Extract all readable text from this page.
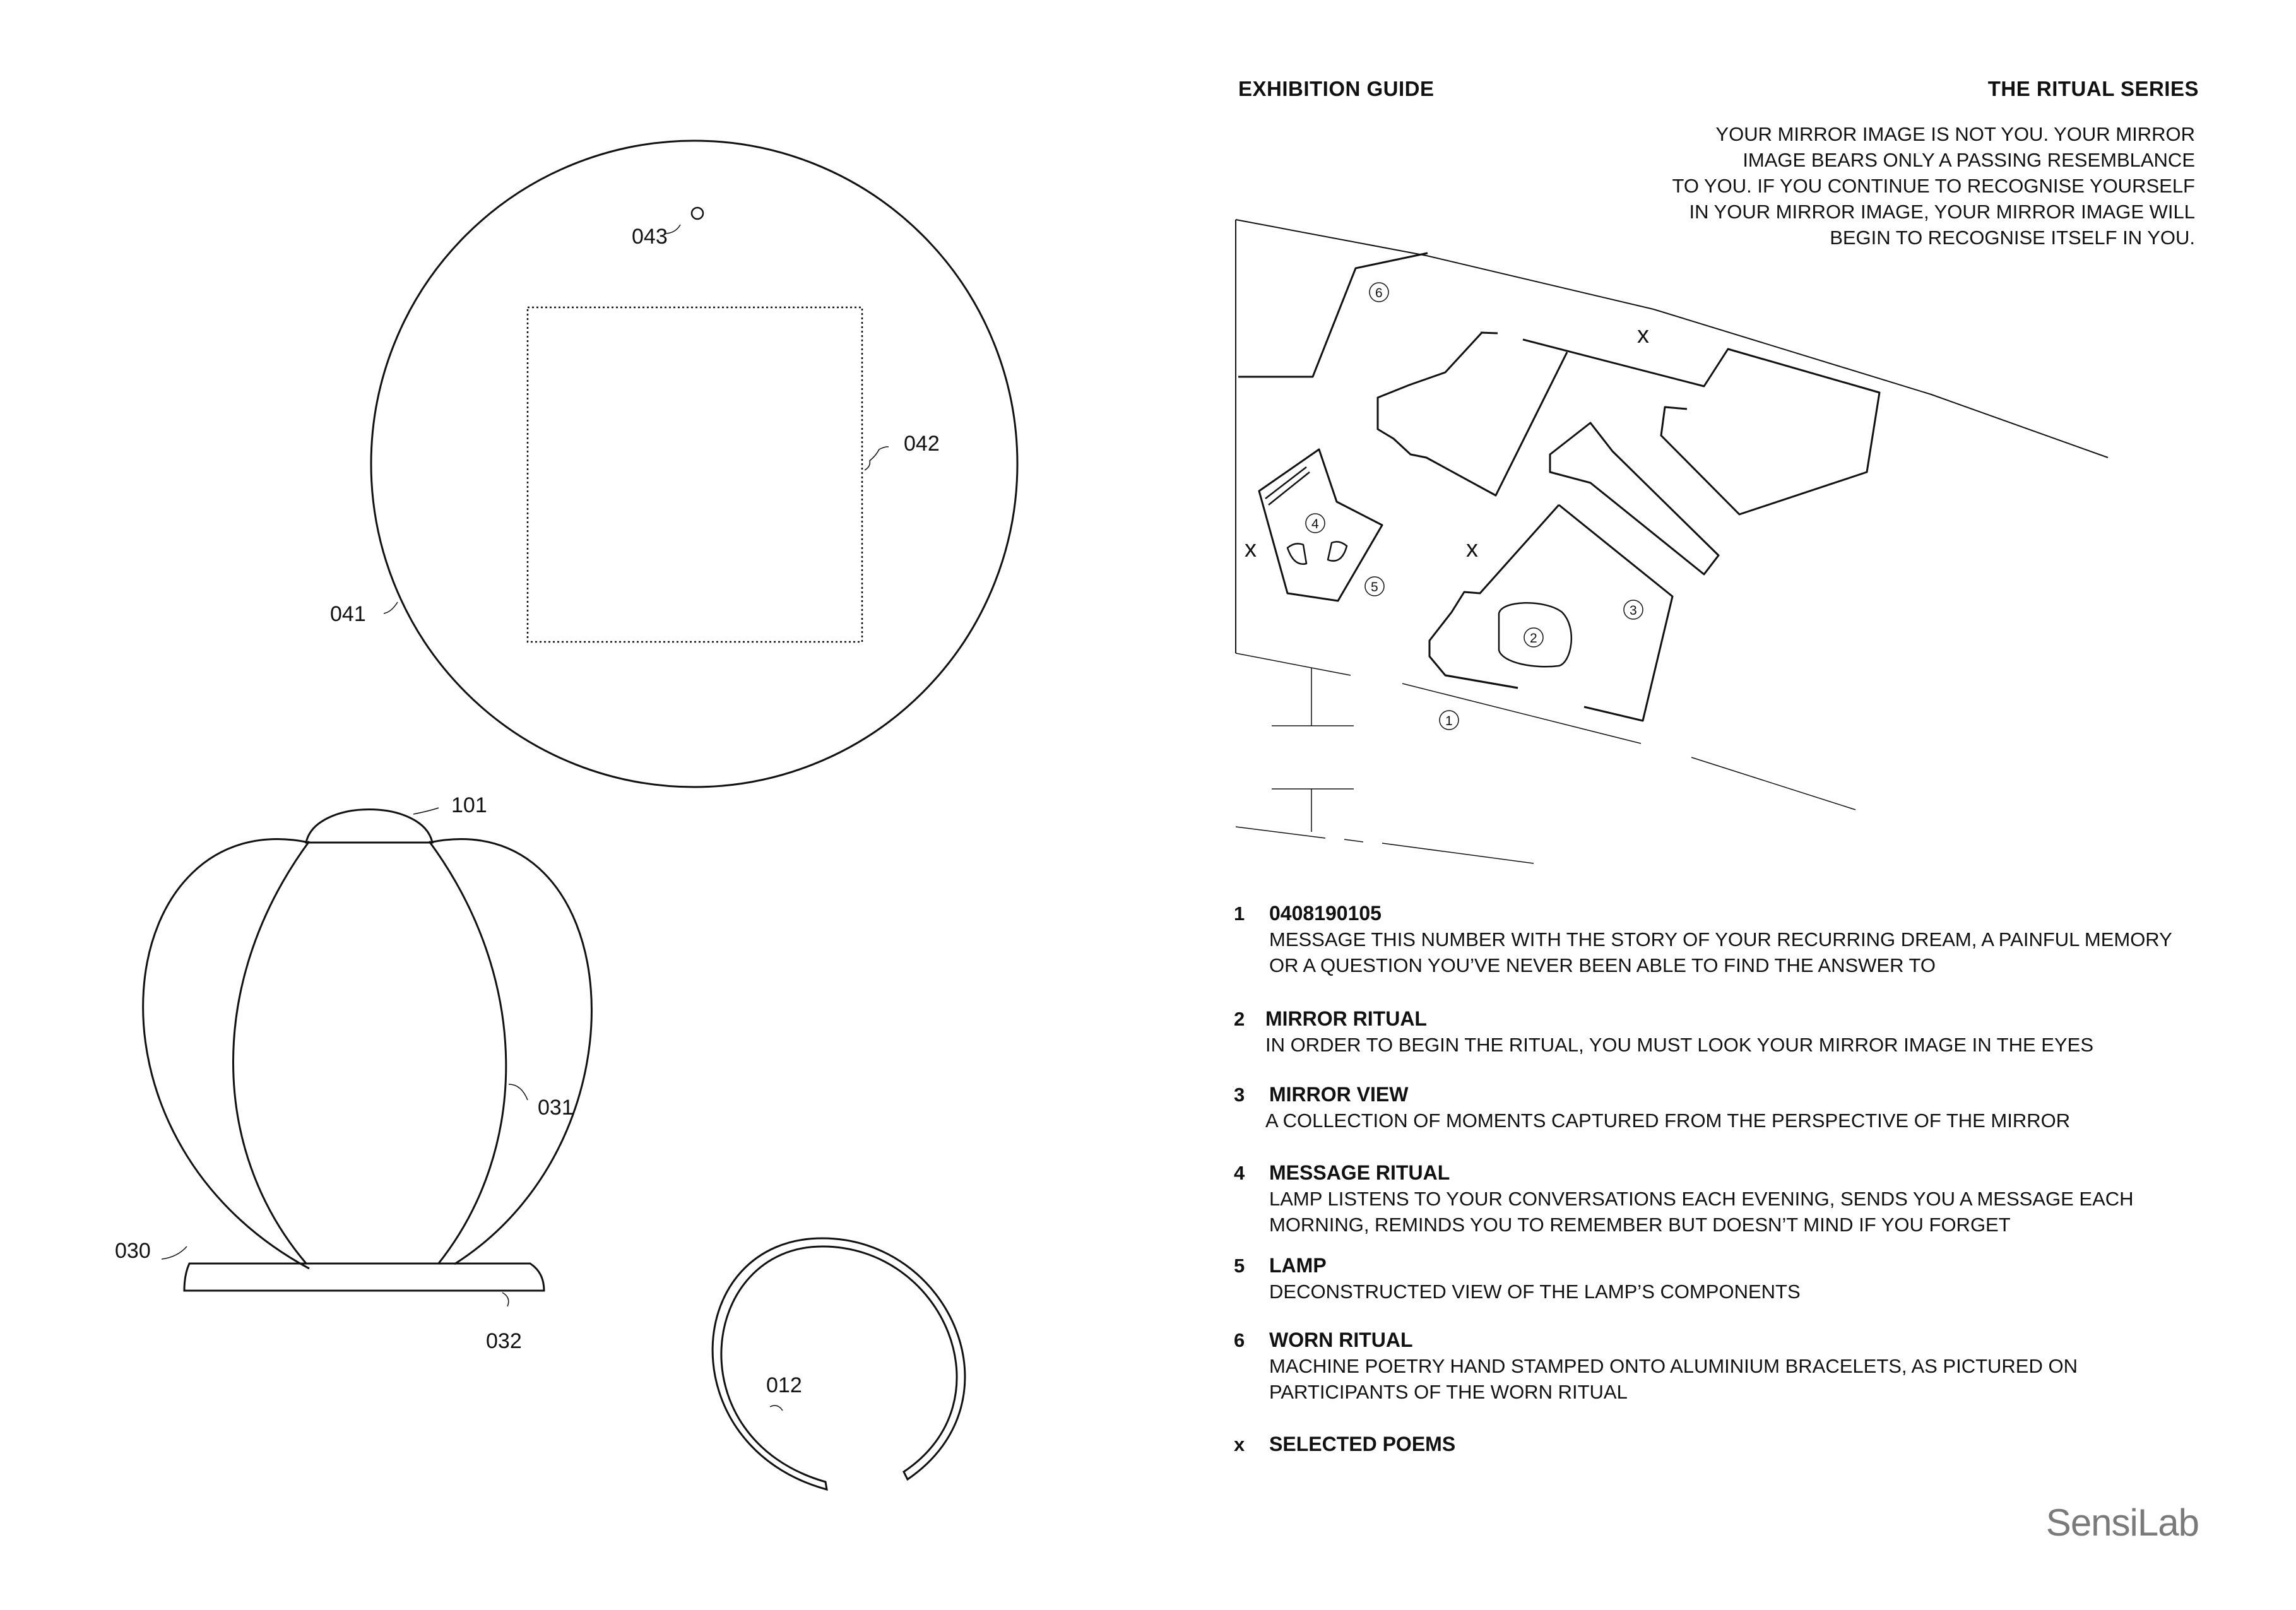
043
042
041
101
031
030
032
012
1
2
3
4
5
6
x
x	x
EXHIBITION GUIDE	THE RITUAL SERIES
YOUR MIRROR IMAGE IS NOT YOU. YOUR MIRROR
IMAGE BEARS ONLY A PASSING RESEMBLANCE
TO YOU. IF YOU CONTINUE TO RECOGNISE YOURSELF
IN YOUR MIRROR IMAGE, YOUR MIRROR IMAGE WILL
BEGIN TO RECOGNISE ITSELF IN YOU.
1 0408190105
MESSAGE THIS NUMBER WITH THE STORY OF YOUR RECURRING DREAM, A PAINFUL MEMORY
OR A QUESTION YOU’VE NEVER BEEN ABLE TO FIND THE ANSWER TO
2 MIRROR RITUAL
IN ORDER TO BEGIN THE RITUAL, YOU MUST LOOK YOUR MIRROR IMAGE IN THE EYES
3 MIRROR VIEW
A COLLECTION OF MOMENTS CAPTURED FROM THE PERSPECTIVE OF THE MIRROR
4 MESSAGE RITUAL
LAMP LISTENS TO YOUR CONVERSATIONS EACH EVENING, SENDS YOU A MESSAGE EACH
MORNING, REMINDS YOU TO REMEMBER BUT DOESN’T MIND IF YOU FORGET
5 LAMP
DECONSTRUCTED VIEW OF THE LAMP’S COMPONENTS
6 WORN RITUAL
MACHINE POETRY HAND STAMPED ONTO ALUMINIUM BRACELETS, AS PICTURED ON
PARTICIPANTS OF THE WORN RITUAL
x SELECTED POEMS
SensiLab
